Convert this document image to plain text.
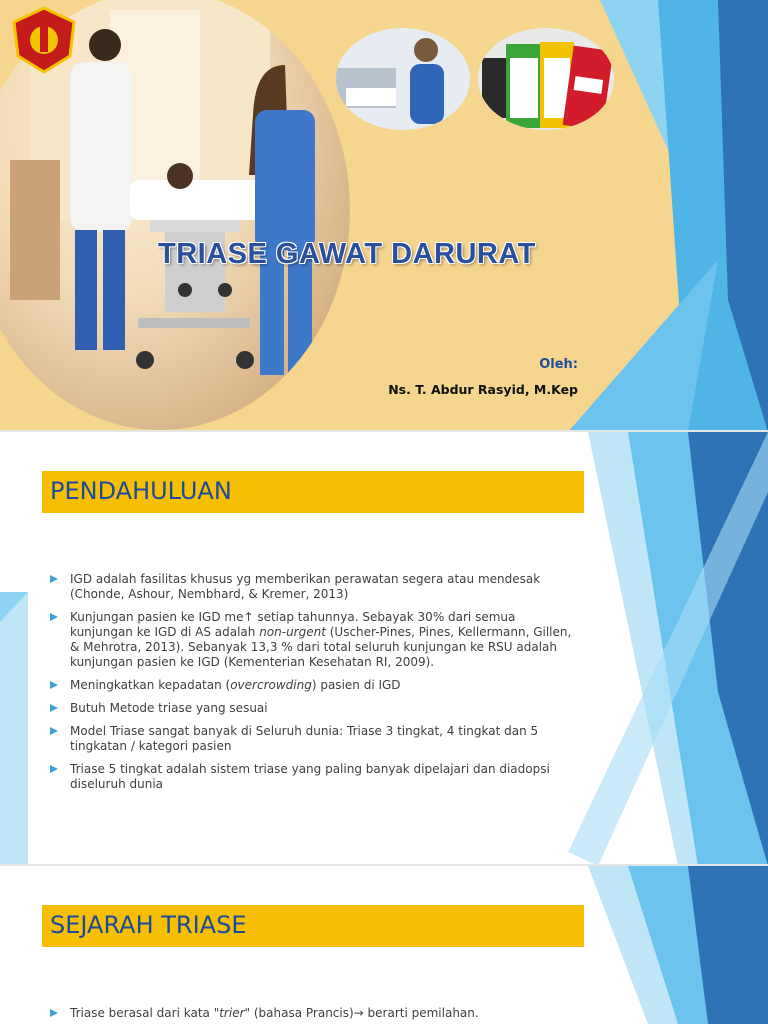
TRIASE GAWAT DARURAT
Oleh:
Ns. T. Abdur Rasyid, M.Kep
PENDAHULUAN
IGD adalah fasilitas khusus yg memberikan perawatan segera atau mendesak (Chonde, Ashour, Nembhard, & Kremer, 2013)
Kunjungan pasien ke IGD me↑ setiap tahunnya. Sebayak 30% dari semua kunjungan ke IGD di AS adalah non-urgent (Uscher-Pines, Pines, Kellermann, Gillen, & Mehrotra, 2013). Sebanyak 13,3 % dari total seluruh kunjungan ke RSU adalah kunjungan pasien ke IGD (Kementerian Kesehatan RI, 2009).
Meningkatkan kepadatan (overcrowding) pasien di IGD
Butuh Metode triase yang sesuai
Model Triase sangat banyak di Seluruh dunia: Triase 3 tingkat, 4 tingkat dan 5 tingkatan / kategori pasien
Triase 5 tingkat adalah sistem triase yang paling banyak dipelajari dan diadopsi diseluruh dunia
SEJARAH TRIASE
Triase berasal dari kata "trier" (bahasa Prancis)→ berarti pemilahan.
